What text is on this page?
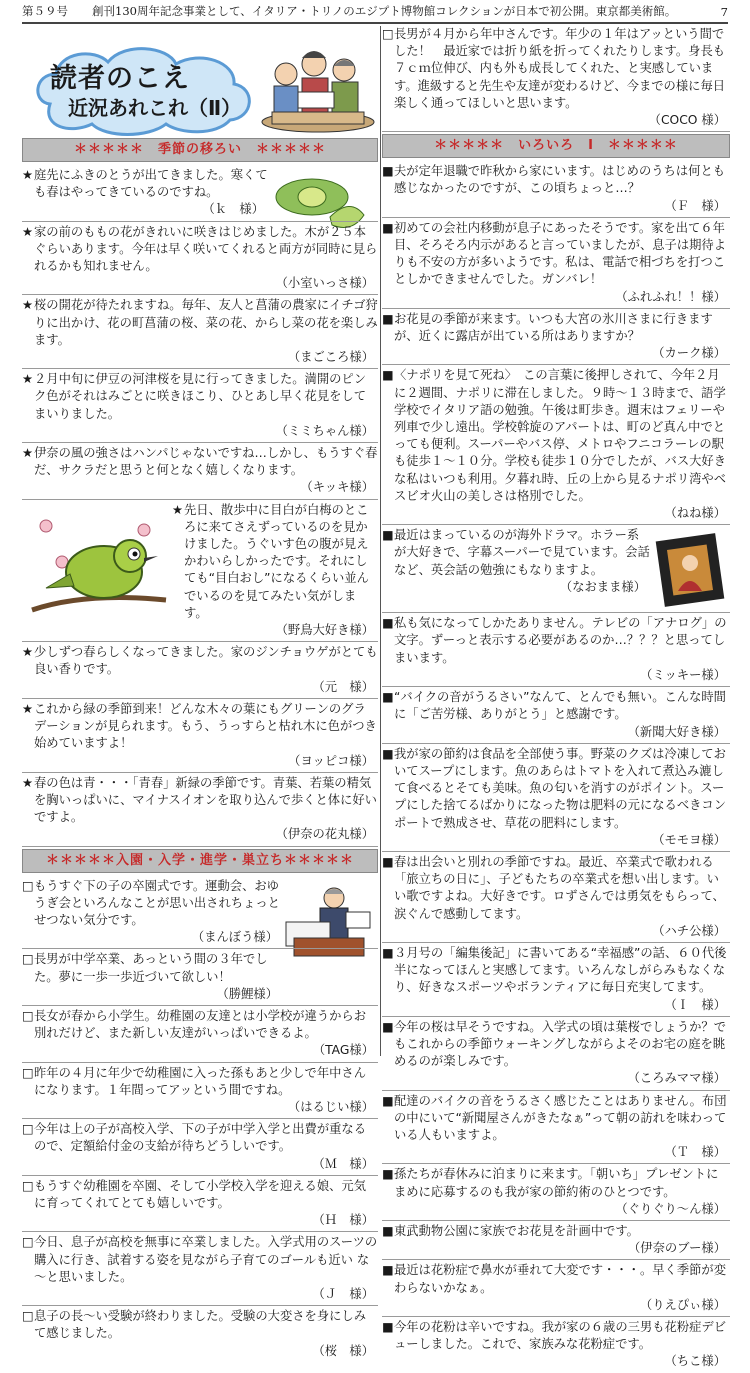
第５９号	創刊130周年記念事業として、イタリア・トリノのエジプト博物館コレクションが日本で初公開。東京都美術館。	7
読者のこえ
近況あれこれ（Ⅱ）
＊＊＊＊＊　季節の移ろい　＊＊＊＊＊
★ 庭先にふきのとうが出てきました。寒くても春はやってきているのですね。
（ｋ　様）
★ 家の前のももの花がきれいに咲きはじめました。木が２５本ぐらいあります。今年は早く咲いてくれると両方が同時に見られるかも知れません。
（小室いっさ様）
★ 桜の開花が待たれますね。毎年、友人と菖蒲の農家にイチゴ狩りに出かけ、花の町菖蒲の桜、菜の花、からし菜の花を楽しみます。
（まごころ様）
★ ２月中旬に伊豆の河津桜を見に行ってきました。満開のピンク色がそれはみごとに咲きほこり、ひとあし早く花見をしてまいりました。
（ミミちゃん様）
★ 伊奈の風の強さはハンパじゃないですね…しかし、もうすぐ春だ、サクラだと思うと何となく嬉しくなります。
（キッキ様）
★ 先日、散歩中に目白が白梅のところに来てさえずっているのを見かけました。うぐいす色の腹が見えかわいらしかったです。それにしても“目白おし”になるくらい並んでいるのを見てみたい気がします。
（野鳥大好き様）
★ 少しずつ春らしくなってきました。家のジンチョウゲがとても良い香りです。
（元　様）
★ これから緑の季節到来！どんな木々の葉にもグリーンのグラデーションが見られます。もう、うっすらと枯れ木に色がつき始めていますよ！
（ヨッピコ様）
★ 春の色は青・・・「青春」新緑の季節です。青葉、若葉の精気を胸いっぱいに、マイナスイオンを取り込んで歩くと体に好いですよ。
（伊奈の花丸様）
＊＊＊＊＊入園・入学・進学・巣立ち＊＊＊＊＊
□ もうすぐ下の子の卒園式です。運動会、おゆうぎ会といろんなことが思い出されちょっとせつない気分です。
（まんぼう様）
□ 長男が中学卒業、あっという間の３年でした。夢に一歩一歩近づいて欲しい！
（勝鯉様）
□ 長女が春から小学生。幼稚園の友達とは小学校が違うからお別れだけど、また新しい友達がいっぱいできるよ。
（TAG様）
□ 昨年の４月に年少で幼稚園に入った孫もあと少しで年中さんになります。１年間ってアッという間ですね。
（はるじい様）
□ 今年は上の子が高校入学、下の子が中学入学と出費が重なるので、定額給付金の支給が待ちどうしいです。
（Ｍ　様）
□ もうすぐ幼稚園を卒園、そして小学校入学を迎える娘、元気に育ってくれてとても嬉しいです。
（Ｈ　様）
□ 今日、息子が高校を無事に卒業しました。入学式用のスーツの購入に行き、試着する姿を見ながら子育てのゴールも近い な～と思いました。
（Ｊ　様）
□ 息子の長～い受験が終わりました。受験の大変さを身にしみて感じました。
（桜　様）
□ 長男が４月から年中さんです。年少の１年はアッという間でした！　最近家では折り紙を折ってくれたりします。身長も７ｃｍ位伸び、内も外も成長してくれた、と実感しています。進級すると先生や友達が変わるけど、今までの様に毎日楽しく通ってほしいと思います。
（COCO 様）
＊＊＊＊＊　いろいろ　Ⅰ　＊＊＊＊＊
■ 夫が定年退職で昨秋から家にいます。はじめのうちは何とも感じなかったのですが、この頃ちょっと…？
（Ｆ　様）
■ 初めての会社内移動が息子にあったそうです。家を出て６年目、そろそろ内示があると言っていましたが、息子は期待よりも不安の方が多いようです。私は、電話で相づちを打つことしかできませんでした。ガンバレ！
（ふれふれ！！様）
■ お花見の季節が来ます。いつも大宮の氷川さまに行きますが、近くに露店が出ている所はありますか？
（カーク様）
■ 〈ナポリを見て死ね〉　この言葉に後押しされて、今年２月に２週間、ナポリに滞在しました。９時～１３時まで、語学学校でイタリア語の勉強。午後は町歩き。週末はフェリーや列車で少し遠出。学校斡旋のアパートは、町のど真ん中でとっても便利。スーパーやバス停、メトロやフニコラーレの駅も徒歩１～１０分。学校も徒歩１０分でしたが、バス大好きな私はいつも利用。夕暮れ時、丘の上から見るナポリ湾やベスビオ火山の美しさは格別でした。
（ねね様）
■ 最近はまっているのが海外ドラマ。ホラー系が大好きで、字幕スーパーで見ています。会話など、英会話の勉強にもなりますよ。
（なおまま様）
■ 私も気になってしかたありません。テレビの「アナログ」の文字。ずーっと表示する必要があるのか…？？？と思ってしまいます。
（ミッキー様）
■ “バイクの音がうるさい”なんて、とんでも無い。こんな時間に「ご苦労様、ありがとう」と感謝です。
（新聞大好き様）
■ 我が家の節約は食品を全部使う事。野菜のクズは冷凍しておいてスープにします。魚のあらはトマトを入れて煮込み漉して食べるとそても美味。魚の匂いを消すのがポイント。スープにした捨てるばかりになった物は肥料の元になるべきコンポートで熟成させ、草花の肥料にします。
（モモヨ様）
■ 春は出会いと別れの季節ですね。最近、卒業式で歌われる「旅立ちの日に」、子どもたちの卒業式を想い出します。いい歌ですよね。大好きです。ロずさんでは勇気をもらって、涙ぐんで感動してます。
（ハチ公様）
■ ３月号の「編集後記」に書いてある“幸福感”の話、６０代後半になってほんと実感してます。いろんなしがらみもなくなり、好きなスポーツやボランティアに毎日充実してます。
（Ｉ　様）
■ 今年の桜は早そうですね。入学式の頃は葉桜でしょうか？でもこれからの季節ウォーキングしながらよそのお宅の庭を眺めるのが楽しみです。
（ころみママ様）
■ 配達のバイクの音をうるさく感じたことはありません。布団の中にいて“新聞屋さんがきたなぁ”って朝の訪れを味わっている人もいますよ。
（Ｔ　様）
■ 孫たちが春休みに泊まりに来ます。「朝いち」プレゼントにまめに応募するのも我が家の節約術のひとつです。
（ぐりぐり～ん様）
■ 東武動物公園に家族でお花見を計画中です。
（伊奈のブー様）
■ 最近は花粉症で鼻水が垂れて大変です・・・。早く季節が変わらないかなぁ。
（りえぴぃ様）
■ 今年の花粉は辛いですね。我が家の６歳の三男も花粉症デビューしました。これで、家族みな花粉症です。
（ちこ様）
